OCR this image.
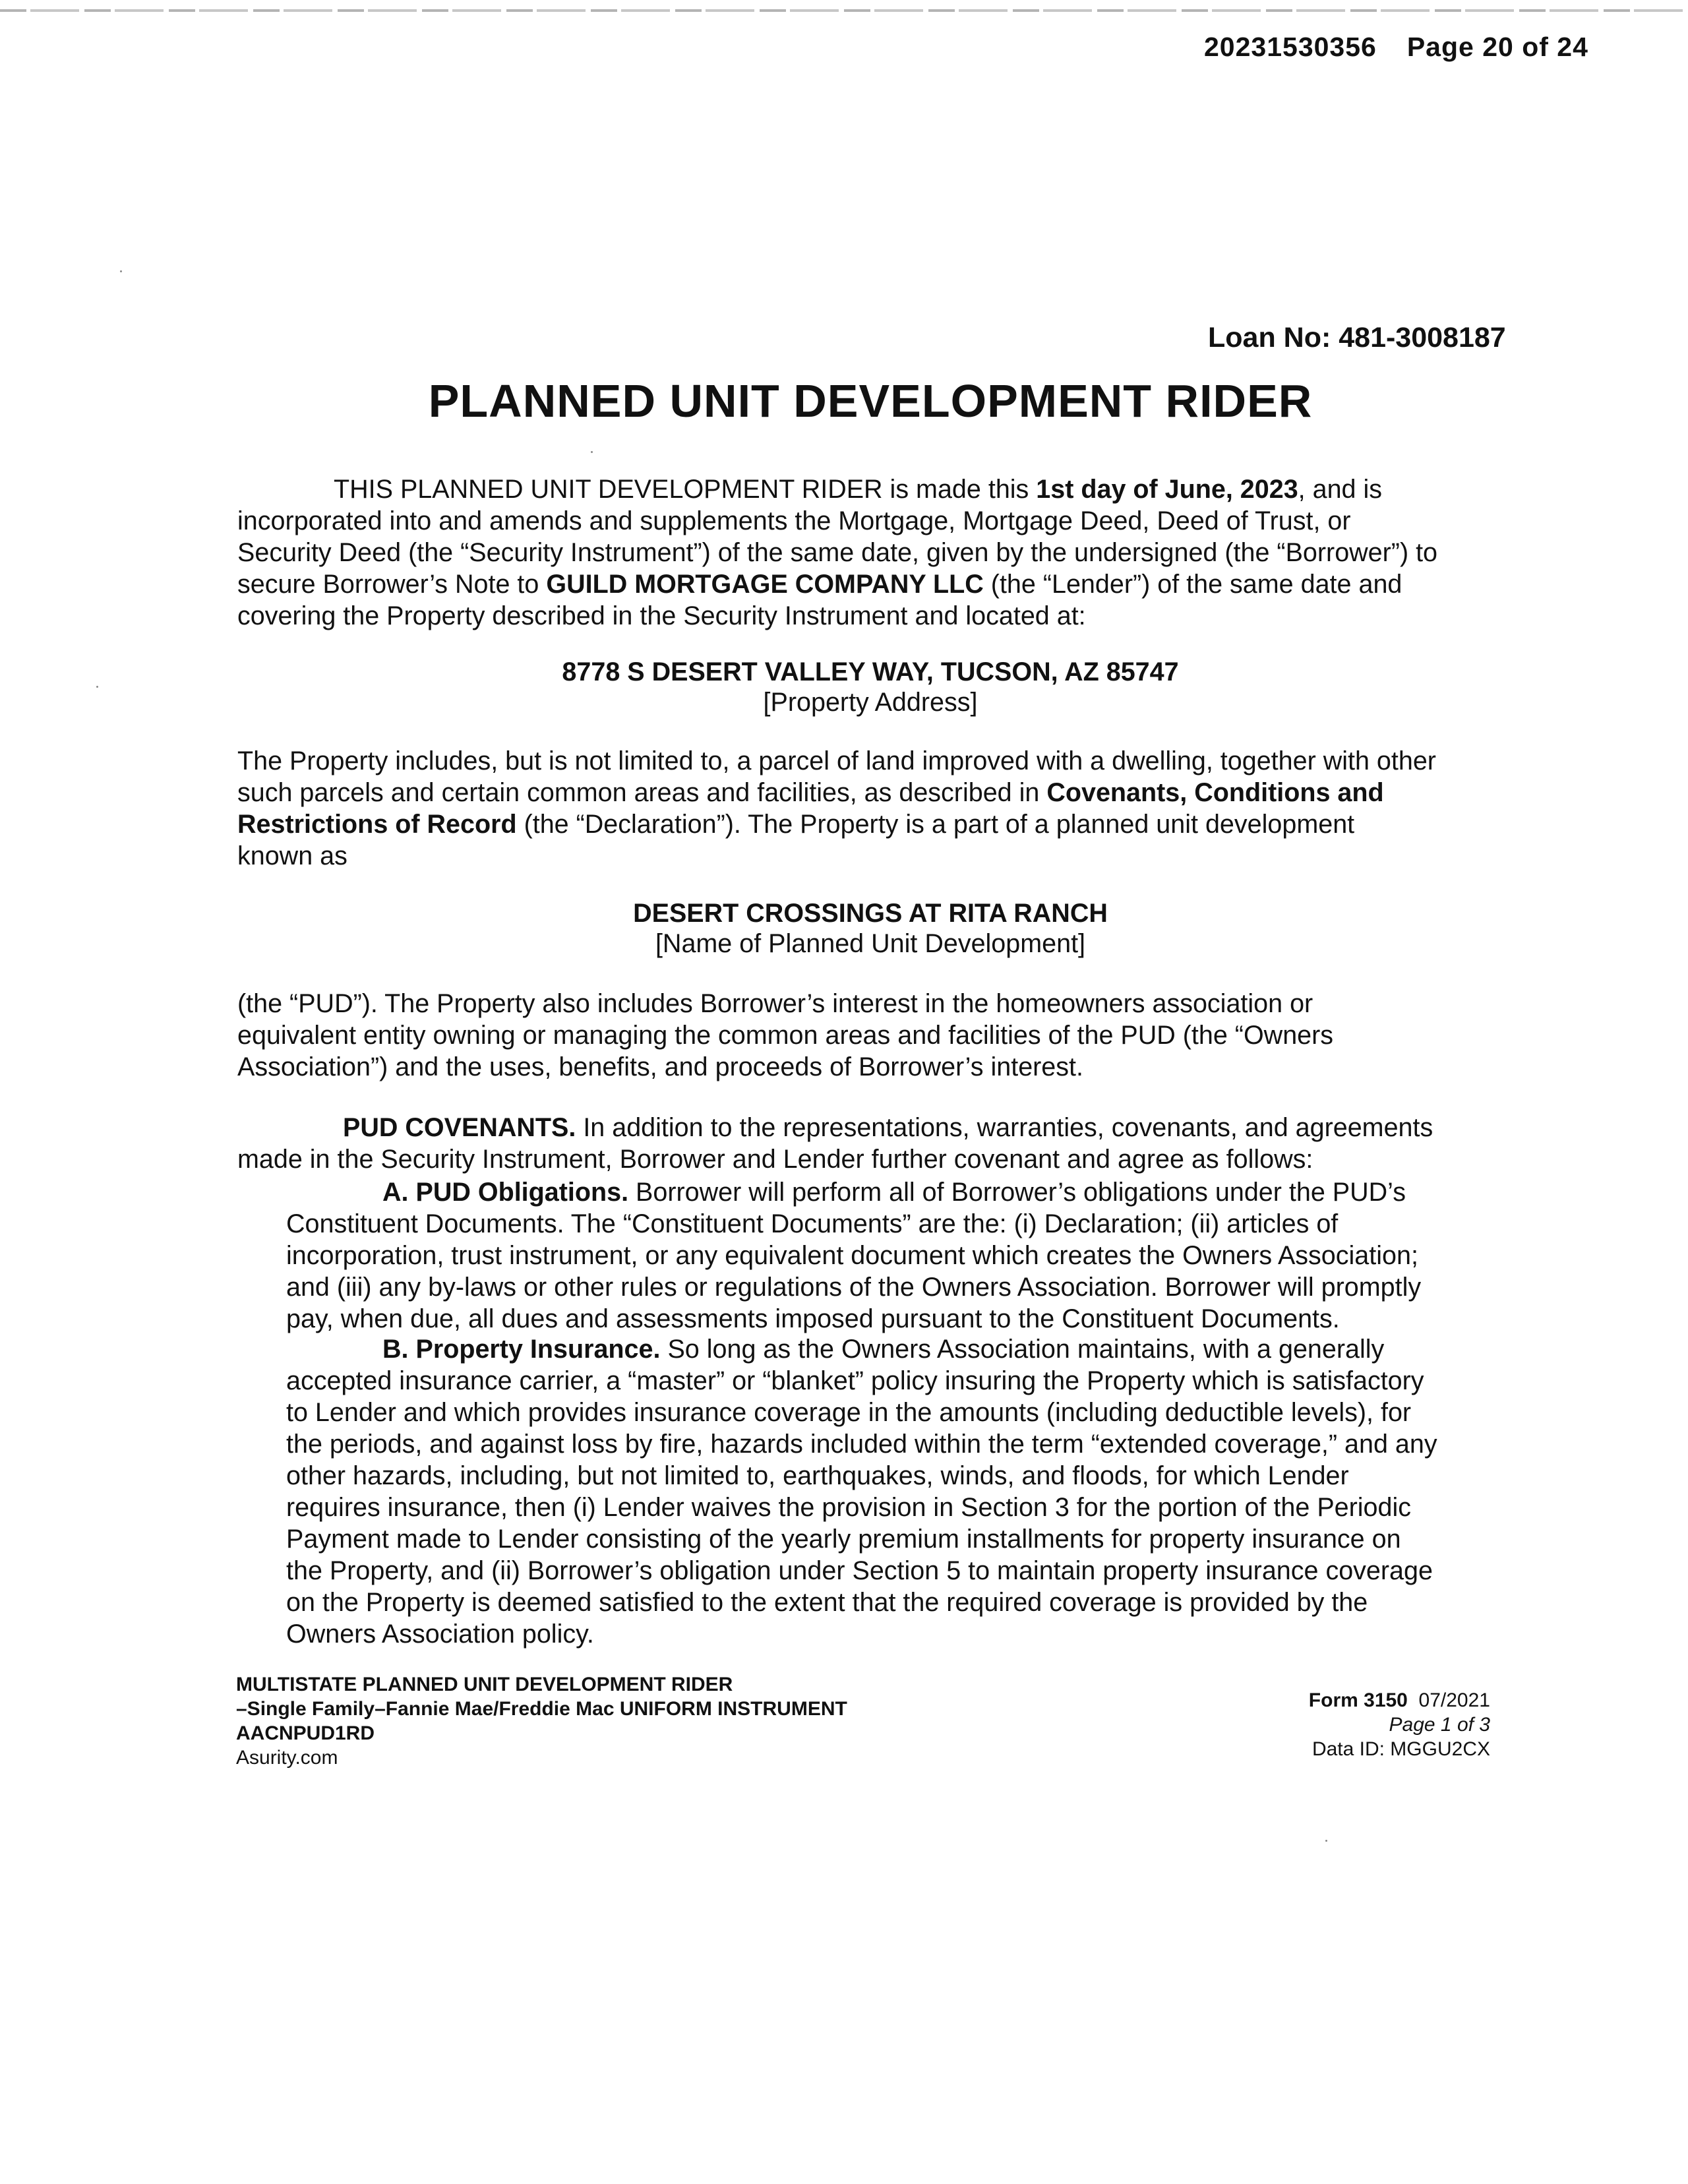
20231530356 Page 20 of 24
Loan No: 481-3008187
PLANNED UNIT DEVELOPMENT RIDER
THIS PLANNED UNIT DEVELOPMENT RIDER is made this 1st day of June, 2023, and is
incorporated into and amends and supplements the Mortgage, Mortgage Deed, Deed of Trust, or
Security Deed (the “Security Instrument”) of the same date, given by the undersigned (the “Borrower”) to
secure Borrower’s Note to GUILD MORTGAGE COMPANY LLC (the “Lender”) of the same date and
covering the Property described in the Security Instrument and located at:
8778 S DESERT VALLEY WAY, TUCSON, AZ 85747
[Property Address]
The Property includes, but is not limited to, a parcel of land improved with a dwelling, together with other
such parcels and certain common areas and facilities, as described in Covenants, Conditions and
Restrictions of Record (the “Declaration”). The Property is a part of a planned unit development
known as
DESERT CROSSINGS AT RITA RANCH
[Name of Planned Unit Development]
(the “PUD”). The Property also includes Borrower’s interest in the homeowners association or
equivalent entity owning or managing the common areas and facilities of the PUD (the “Owners
Association”) and the uses, benefits, and proceeds of Borrower’s interest.
PUD COVENANTS. In addition to the representations, warranties, covenants, and agreements
made in the Security Instrument, Borrower and Lender further covenant and agree as follows:
A. PUD Obligations. Borrower will perform all of Borrower’s obligations under the PUD’s
Constituent Documents. The “Constituent Documents” are the: (i) Declaration; (ii) articles of
incorporation, trust instrument, or any equivalent document which creates the Owners Association;
and (iii) any by-laws or other rules or regulations of the Owners Association. Borrower will promptly
pay, when due, all dues and assessments imposed pursuant to the Constituent Documents.
B. Property Insurance. So long as the Owners Association maintains, with a generally
accepted insurance carrier, a “master” or “blanket” policy insuring the Property which is satisfactory
to Lender and which provides insurance coverage in the amounts (including deductible levels), for
the periods, and against loss by fire, hazards included within the term “extended coverage,” and any
other hazards, including, but not limited to, earthquakes, winds, and floods, for which Lender
requires insurance, then (i) Lender waives the provision in Section 3 for the portion of the Periodic
Payment made to Lender consisting of the yearly premium installments for property insurance on
the Property, and (ii) Borrower’s obligation under Section 5 to maintain property insurance coverage
on the Property is deemed satisfied to the extent that the required coverage is provided by the
Owners Association policy.
MULTISTATE PLANNED UNIT DEVELOPMENT RIDER
–Single Family–Fannie Mae/Freddie Mac UNIFORM INSTRUMENT
AACNPUD1RD
Asurity.com
Form 3150 07/2021
Page 1 of 3
Data ID: MGGU2CX
